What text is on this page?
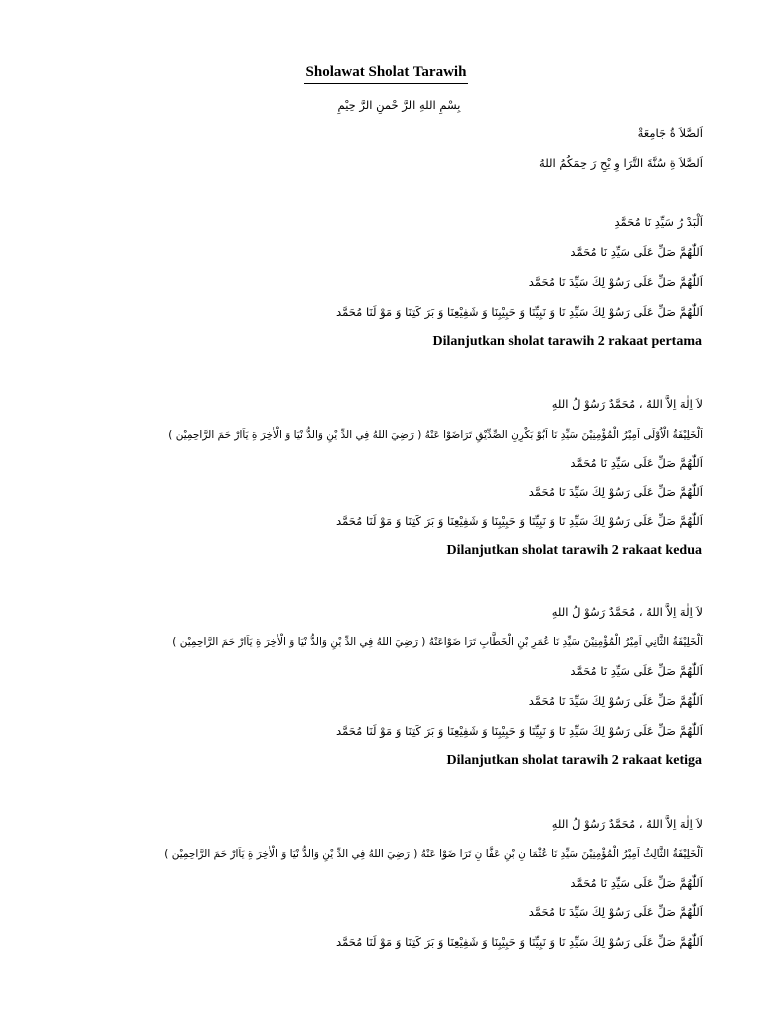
Sholawat Sholat Tarawih
بِسْمِ اللهِ الرَّ حْمنِ الرَّ حِيْمِ
اَلصَّلاَ ةُ جَامِعَةْ
اَلصَّلاَ ةِ سُنَّةَ التَّرَا وِ يْحِ رَ حِمَكُمُ اللهُ
اَلْبَدْ رُ سَيِّدِ نَا مُحَمَّدِ
اَللّٰهُمَّ صَلِّ عَلَى سَيِّدِ نَا مُحَمَّد
اَللّٰهُمَّ صَلِّ عَلَى رَسُوْ لِكَ سَيِّدَ نَا مُحَمَّد
اَللّٰهُمَّ صَلِّ عَلَى رَسُوْ لِكَ سَيِّدِ نَا وَ نَبِيِّنَا وَ حَبِيْبِنَا وَ شَفِيْعِنَا وَ بَرَ كَتِنَا وَ مَوْ لَنَا مُحَمَّد
Dilanjutkan sholat tarawih 2 rakaat pertama
لاَ اِلٰهَ اِلاَّ اللهُ ، مُحَمَّدٌ رَسُوْ لُ اللهِ
اَلْخَلِيْفَةُ الْاُوْلَى اَمِيْرُ الْمُؤْمِنِيْنَ سَيِّدِ نَا اَبُوْ بَكْرِنِ الصِّدِّيْقِ تَرَاضَوْا عَنْهُ ( رَضِيَ اللهُ فِي الدِّ يْنِ وَالدُّ نْيَا وَ الْاٰخِرَ ةِ يَاَارْ حَمَ الرَّاحِمِيْن )
اَللّٰهُمَّ صَلِّ عَلَى سَيِّدِ نَا مُحَمَّد
اَللّٰهُمَّ صَلِّ عَلَى رَسُوْ لِكَ سَيِّدَ نَا مُحَمَّد
اَللّٰهُمَّ صَلِّ عَلَى رَسُوْ لِكَ سَيِّدِ نَا وَ نَبِيِّنَا وَ حَبِيْبِنَا وَ شَفِيْعِنَا وَ بَرَ كَتِنَا وَ مَوْ لَنَا مُحَمَّد
Dilanjutkan sholat tarawih 2 rakaat kedua
لاَ اِلٰهَ اِلاَّ اللهُ ، مُحَمَّدٌ رَسُوْ لُ اللهِ
اَلْخَلِيْفَةُ الثَّانِي اَمِيْرُ الْمُؤْمِنِيْنَ سَيِّدِ نَا عُمَرِ بْنِ الْخَطَّابِ تَرَا ضَوْاعَنْهُ ( رَضِيَ اللهُ فِي الدِّ يْنِ وَالدُّ نْيَا وَ الْاٰخِرَ ةِ يَاَارْ حَمَ الرَّاحِمِيْن )
اَللّٰهُمَّ صَلِّ عَلَى سَيِّدِ نَا مُحَمَّد
اَللّٰهُمَّ صَلِّ عَلَى رَسُوْ لِكَ سَيِّدَ نَا مُحَمَّد
اَللّٰهُمَّ صَلِّ عَلَى رَسُوْ لِكَ سَيِّدِ نَا وَ نَبِيِّنَا وَ حَبِيْبِنَا وَ شَفِيْعِنَا وَ بَرَ كَتِنَا وَ مَوْ لَنَا مُحَمَّد
Dilanjutkan sholat tarawih 2 rakaat ketiga
لاَ اِلٰهَ اِلاَّ اللهُ ، مُحَمَّدٌ رَسُوْ لُ اللهِ
اَلْخَلِيْفَةُ الثَّالِثُ اَمِيْرُ الْمُؤْمِنِيْنَ سَيِّدِ نَا عُثْمَا نِ بْنِ عَفَّا نِ تَرَا ضَوْا عَنْهُ ( رَضِيَ اللهُ فِي الدِّ يْنِ وَالدُّ نْيَا وَ الْاٰخِرَ ةِ يَاَارْ حَمَ الرَّاحِمِيْن )
اَللّٰهُمَّ صَلِّ عَلَى سَيِّدِ نَا مُحَمَّد
اَللّٰهُمَّ صَلِّ عَلَى رَسُوْ لِكَ سَيِّدَ نَا مُحَمَّد
اَللّٰهُمَّ صَلِّ عَلَى رَسُوْ لِكَ سَيِّدِ نَا وَ نَبِيِّنَا وَ حَبِيْبِنَا وَ شَفِيْعِنَا وَ بَرَ كَتِنَا وَ مَوْ لَنَا مُحَمَّد
